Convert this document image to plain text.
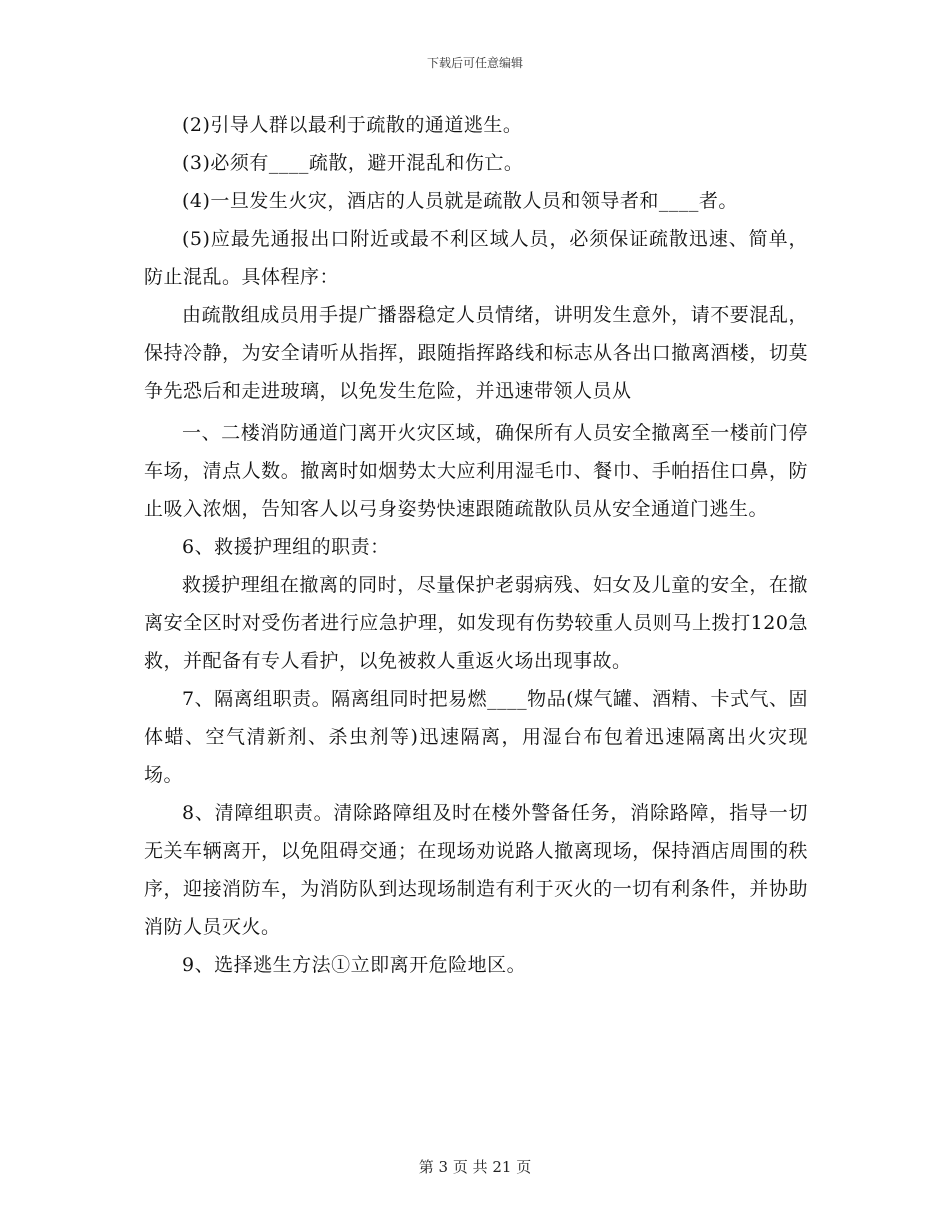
下载后可任意编辑

(2)引导人群以最利于疏散的通道逃生。

(3)必须有____疏散，避开混乱和伤亡。

(4)一旦发生火灾，酒店的人员就是疏散人员和领导者和____者。

(5)应最先通报出口附近或最不利区域人员，必须保证疏散迅速、简单，防止混乱。具体程序：

由疏散组成员用手提广播器稳定人员情绪，讲明发生意外，请不要混乱，保持冷静，为安全请听从指挥，跟随指挥路线和标志从各出口撤离酒楼，切莫争先恐后和走进玻璃，以免发生危险，并迅速带领人员从

一、二楼消防通道门离开火灾区域，确保所有人员安全撤离至一楼前门停车场，清点人数。撤离时如烟势太大应利用湿毛巾、餐巾、手帕捂住口鼻，防止吸入浓烟，告知客人以弓身姿势快速跟随疏散队员从安全通道门逃生。

6、救援护理组的职责：

救援护理组在撤离的同时，尽量保护老弱病残、妇女及儿童的安全，在撤离安全区时对受伤者进行应急护理，如发现有伤势较重人员则马上拨打120急救，并配备有专人看护，以免被救人重返火场出现事故。

7、隔离组职责。隔离组同时把易燃____物品(煤气罐、酒精、卡式气、固体蜡、空气清新剂、杀虫剂等)迅速隔离，用湿台布包着迅速隔离出火灾现场。

8、清障组职责。清除路障组及时在楼外警备任务，消除路障，指导一切无关车辆离开，以免阻碍交通；在现场劝说路人撤离现场，保持酒店周围的秩序，迎接消防车，为消防队到达现场制造有利于灭火的一切有利条件，并协助消防人员灭火。

9、选择逃生方法①立即离开危险地区。

第 3 页 共 21 页
